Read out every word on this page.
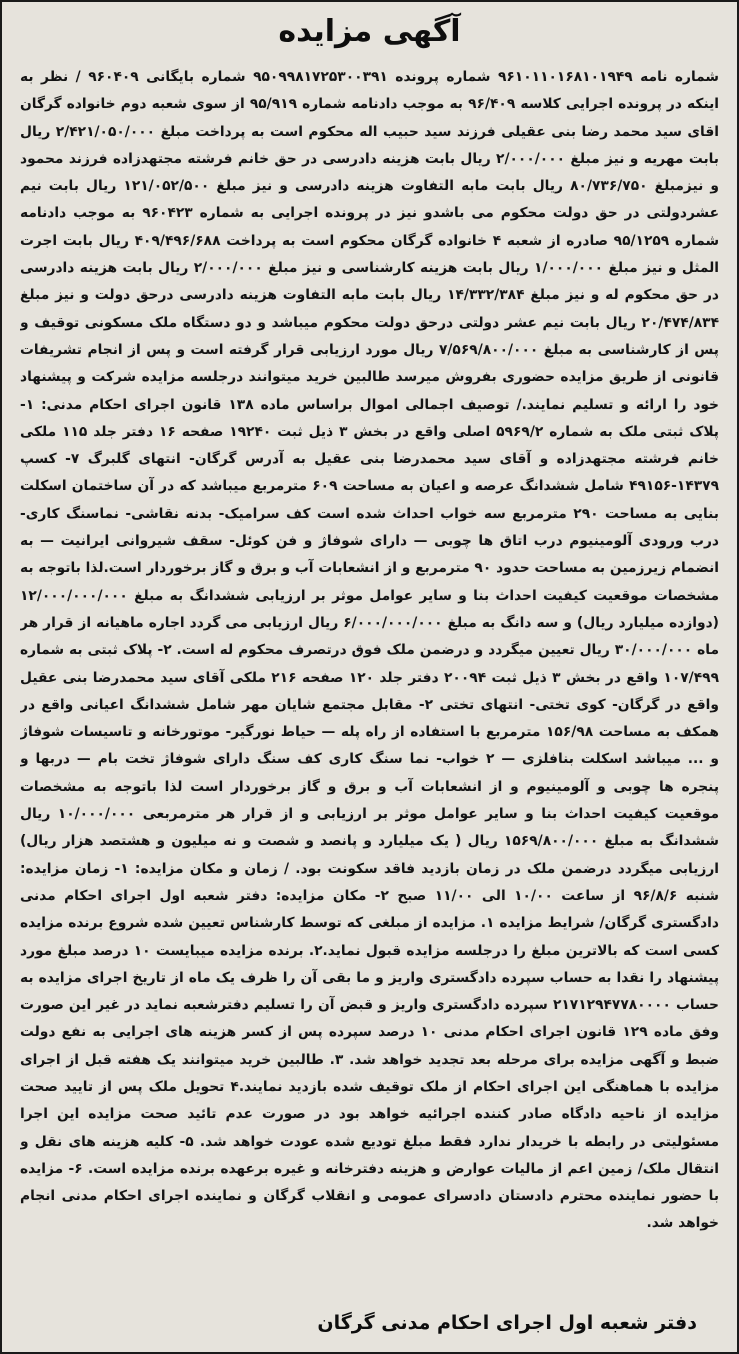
آگهی مزایده

شماره نامه ۹۶۱۰۱۱۰۱۶۸۱۰۱۹۴۹ شماره پرونده ۹۵۰۹۹۸۱۷۲۵۳۰۰۳۹۱ شماره بایگانی ۹۶۰۴۰۹ / نظر به اینکه در پرونده اجرایی کلاسه ۹۶/۴۰۹ به موجب دادنامه شماره ۹۵/۹۱۹ از سوی شعبه دوم خانواده گرگان اقای سید محمد رضا بنی عقیلی فرزند سید حبیب اله محکوم است به پرداخت مبلغ ۲/۴۲۱/۰۵۰/۰۰۰ ریال بابت مهریه و نیز مبلغ ۲/۰۰۰/۰۰۰ ریال بابت هزینه دادرسی در حق خانم فرشته مجتهدزاده فرزند محمود و نیزمبلغ ۸۰/۷۳۶/۷۵۰ ریال بابت مابه التفاوت هزینه دادرسی و نیز مبلغ ۱۲۱/۰۵۲/۵۰۰ ریال بابت نیم عشردولتی در حق دولت محکوم می باشدو نیز در پرونده اجرایی به شماره ۹۶۰۴۲۳ به موجب دادنامه شماره ۹۵/۱۲۵۹ صادره از شعبه ۴ خانواده گرگان محکوم است به پرداخت ۴۰۹/۴۹۶/۶۸۸ ریال بابت اجرت المثل و نیز مبلغ ۱/۰۰۰/۰۰۰ ریال بابت هزینه کارشناسی و نیز مبلغ ۲/۰۰۰/۰۰۰ ریال بابت هزینه دادرسی در حق محکوم له و نیز مبلغ ۱۴/۳۳۲/۳۸۴ ریال بابت مابه التفاوت هزینه دادرسی درحق دولت و نیز مبلغ ۲۰/۴۷۴/۸۳۴ ریال بابت نیم عشر دولتی درحق دولت محکوم میباشد و دو دستگاه ملک مسکونی توقیف و پس از کارشناسی به مبلغ ۷/۵۶۹/۸۰۰/۰۰۰ ریال مورد ارزیابی قرار گرفته است و پس از انجام تشریفات قانونی از طریق مزایده حضوری بفروش میرسد طالبین خرید میتوانند درجلسه مزایده شرکت و پیشنهاد خود را ارائه و تسلیم نمایند./ توصیف اجمالی اموال براساس ماده ۱۳۸ قانون اجرای احکام مدنی: ۱- پلاک ثبتی ملک به شماره ۵۹۶۹/۲ اصلی واقع در بخش ۳ ذیل ثبت ۱۹۲۴۰ صفحه ۱۶ دفتر جلد ۱۱۵ ملکی خانم فرشته مجتهدزاده و آقای سید محمدرضا بنی عقیل به آدرس گرگان- انتهای گلبرگ ۷- کسپ ۱۴۳۷۹-۴۹۱۵۶ شامل ششدانگ عرصه و اعیان به مساحت ۶۰۹ مترمربع میباشد که در آن ساختمان اسکلت بنایی به مساحت ۲۹۰ مترمربع سه خواب احداث شده است کف سرامیک- بدنه نقاشی- نماسنگ کاری- درب ورودی آلومینیوم درب اتاق ها چوبی — دارای شوفاژ و فن کوئل- سقف شیروانی ایرانیت — به انضمام زیرزمین به مساحت حدود ۹۰ مترمربع و از انشعابات آب و برق و گاز برخوردار است.لذا باتوجه به مشخصات موقعیت کیفیت احداث بنا و سایر عوامل موثر بر ارزیابی ششدانگ به مبلغ ۱۲/۰۰۰/۰۰۰/۰۰۰ (دوازده میلیارد ریال) و سه دانگ به مبلغ ۶/۰۰۰/۰۰۰/۰۰۰ ریال ارزیابی می گردد اجاره ماهیانه از قرار هر ماه ۳۰/۰۰۰/۰۰۰ ریال تعیین میگردد و درضمن ملک فوق درتصرف محکوم له است. ۲- پلاک ثبتی به شماره ۱۰۷/۴۹۹ واقع در بخش ۳ ذیل ثبت ۲۰۰۹۴ دفتر جلد ۱۲۰ صفحه ۲۱۶ ملکی آقای سید محمدرضا بنی عقیل واقع در گرگان- کوی تختی- انتهای تختی ۲- مقابل مجتمع شایان مهر شامل ششدانگ اعیانی واقع در همکف به مساحت ۱۵۶/۹۸ مترمربع با استفاده از راه پله — حیاط نورگیر- موتورخانه و تاسیسات شوفاژ و ... میباشد اسکلت بنافلزی — ۲ خواب- نما سنگ کاری کف سنگ دارای شوفاژ تخت بام — دربها و پنجره ها چوبی و آلومینیوم و از انشعابات آب و برق و گاز برخوردار است لذا باتوجه به مشخصات موقعیت کیفیت احداث بنا و سایر عوامل موثر بر ارزیابی و از قرار هر مترمربعی ۱۰/۰۰۰/۰۰۰ ریال ششدانگ به مبلغ ۱۵۶۹/۸۰۰/۰۰۰ ریال ( یک میلیارد و پانصد و شصت و نه میلیون و هشتصد هزار ریال) ارزیابی میگردد درضمن ملک در زمان بازدید فاقد سکونت بود. / زمان و مکان مزایده: ۱- زمان مزایده: شنبه ۹۶/۸/۶ از ساعت ۱۰/۰۰ الی ۱۱/۰۰ صبح ۲- مکان مزایده: دفتر شعبه اول اجرای احکام مدنی دادگستری گرگان/ شرایط مزایده ۱. مزایده از مبلغی که توسط کارشناس تعیین شده شروع برنده مزایده کسی است که بالاترین مبلغ را درجلسه مزایده قبول نماید.۲. برنده مزایده میبایست ۱۰ درصد مبلغ مورد پیشنهاد را نقدا به حساب سپرده دادگستری واریز و ما بقی آن را ظرف یک ماه از تاریخ اجرای مزایده به حساب ۲۱۷۱۲۹۴۷۷۸۰۰۰۰ سپرده دادگستری واریز و قبض آن را تسلیم دفترشعبه نماید در غیر این صورت وفق ماده ۱۲۹ قانون اجرای احکام مدنی ۱۰ درصد سپرده پس از کسر هزینه های اجرایی به نفع دولت ضبط و آگهی مزایده برای مرحله بعد تجدید خواهد شد. ۳. طالبین خرید میتوانند یک هفته قبل از اجرای مزایده با هماهنگی این اجرای احکام از ملک توقیف شده بازدید نمایند.۴ تحویل ملک پس از تایید صحت مزایده از ناحیه دادگاه صادر کننده اجرائیه خواهد بود در صورت عدم تائید صحت مزایده این اجرا مسئولیتی در رابطه با خریدار ندارد فقط مبلغ تودیع شده عودت خواهد شد. ۵- کلیه هزینه های نقل و انتقال ملک/ زمین اعم از مالیات عوارض و هزینه دفترخانه و غیره برعهده برنده مزایده است. ۶- مزایده با حضور نماینده محترم دادستان دادسرای عمومی و انقلاب گرگان و نماینده اجرای احکام مدنی انجام خواهد شد.

دفتر شعبه اول اجرای احکام مدنی گرگان
